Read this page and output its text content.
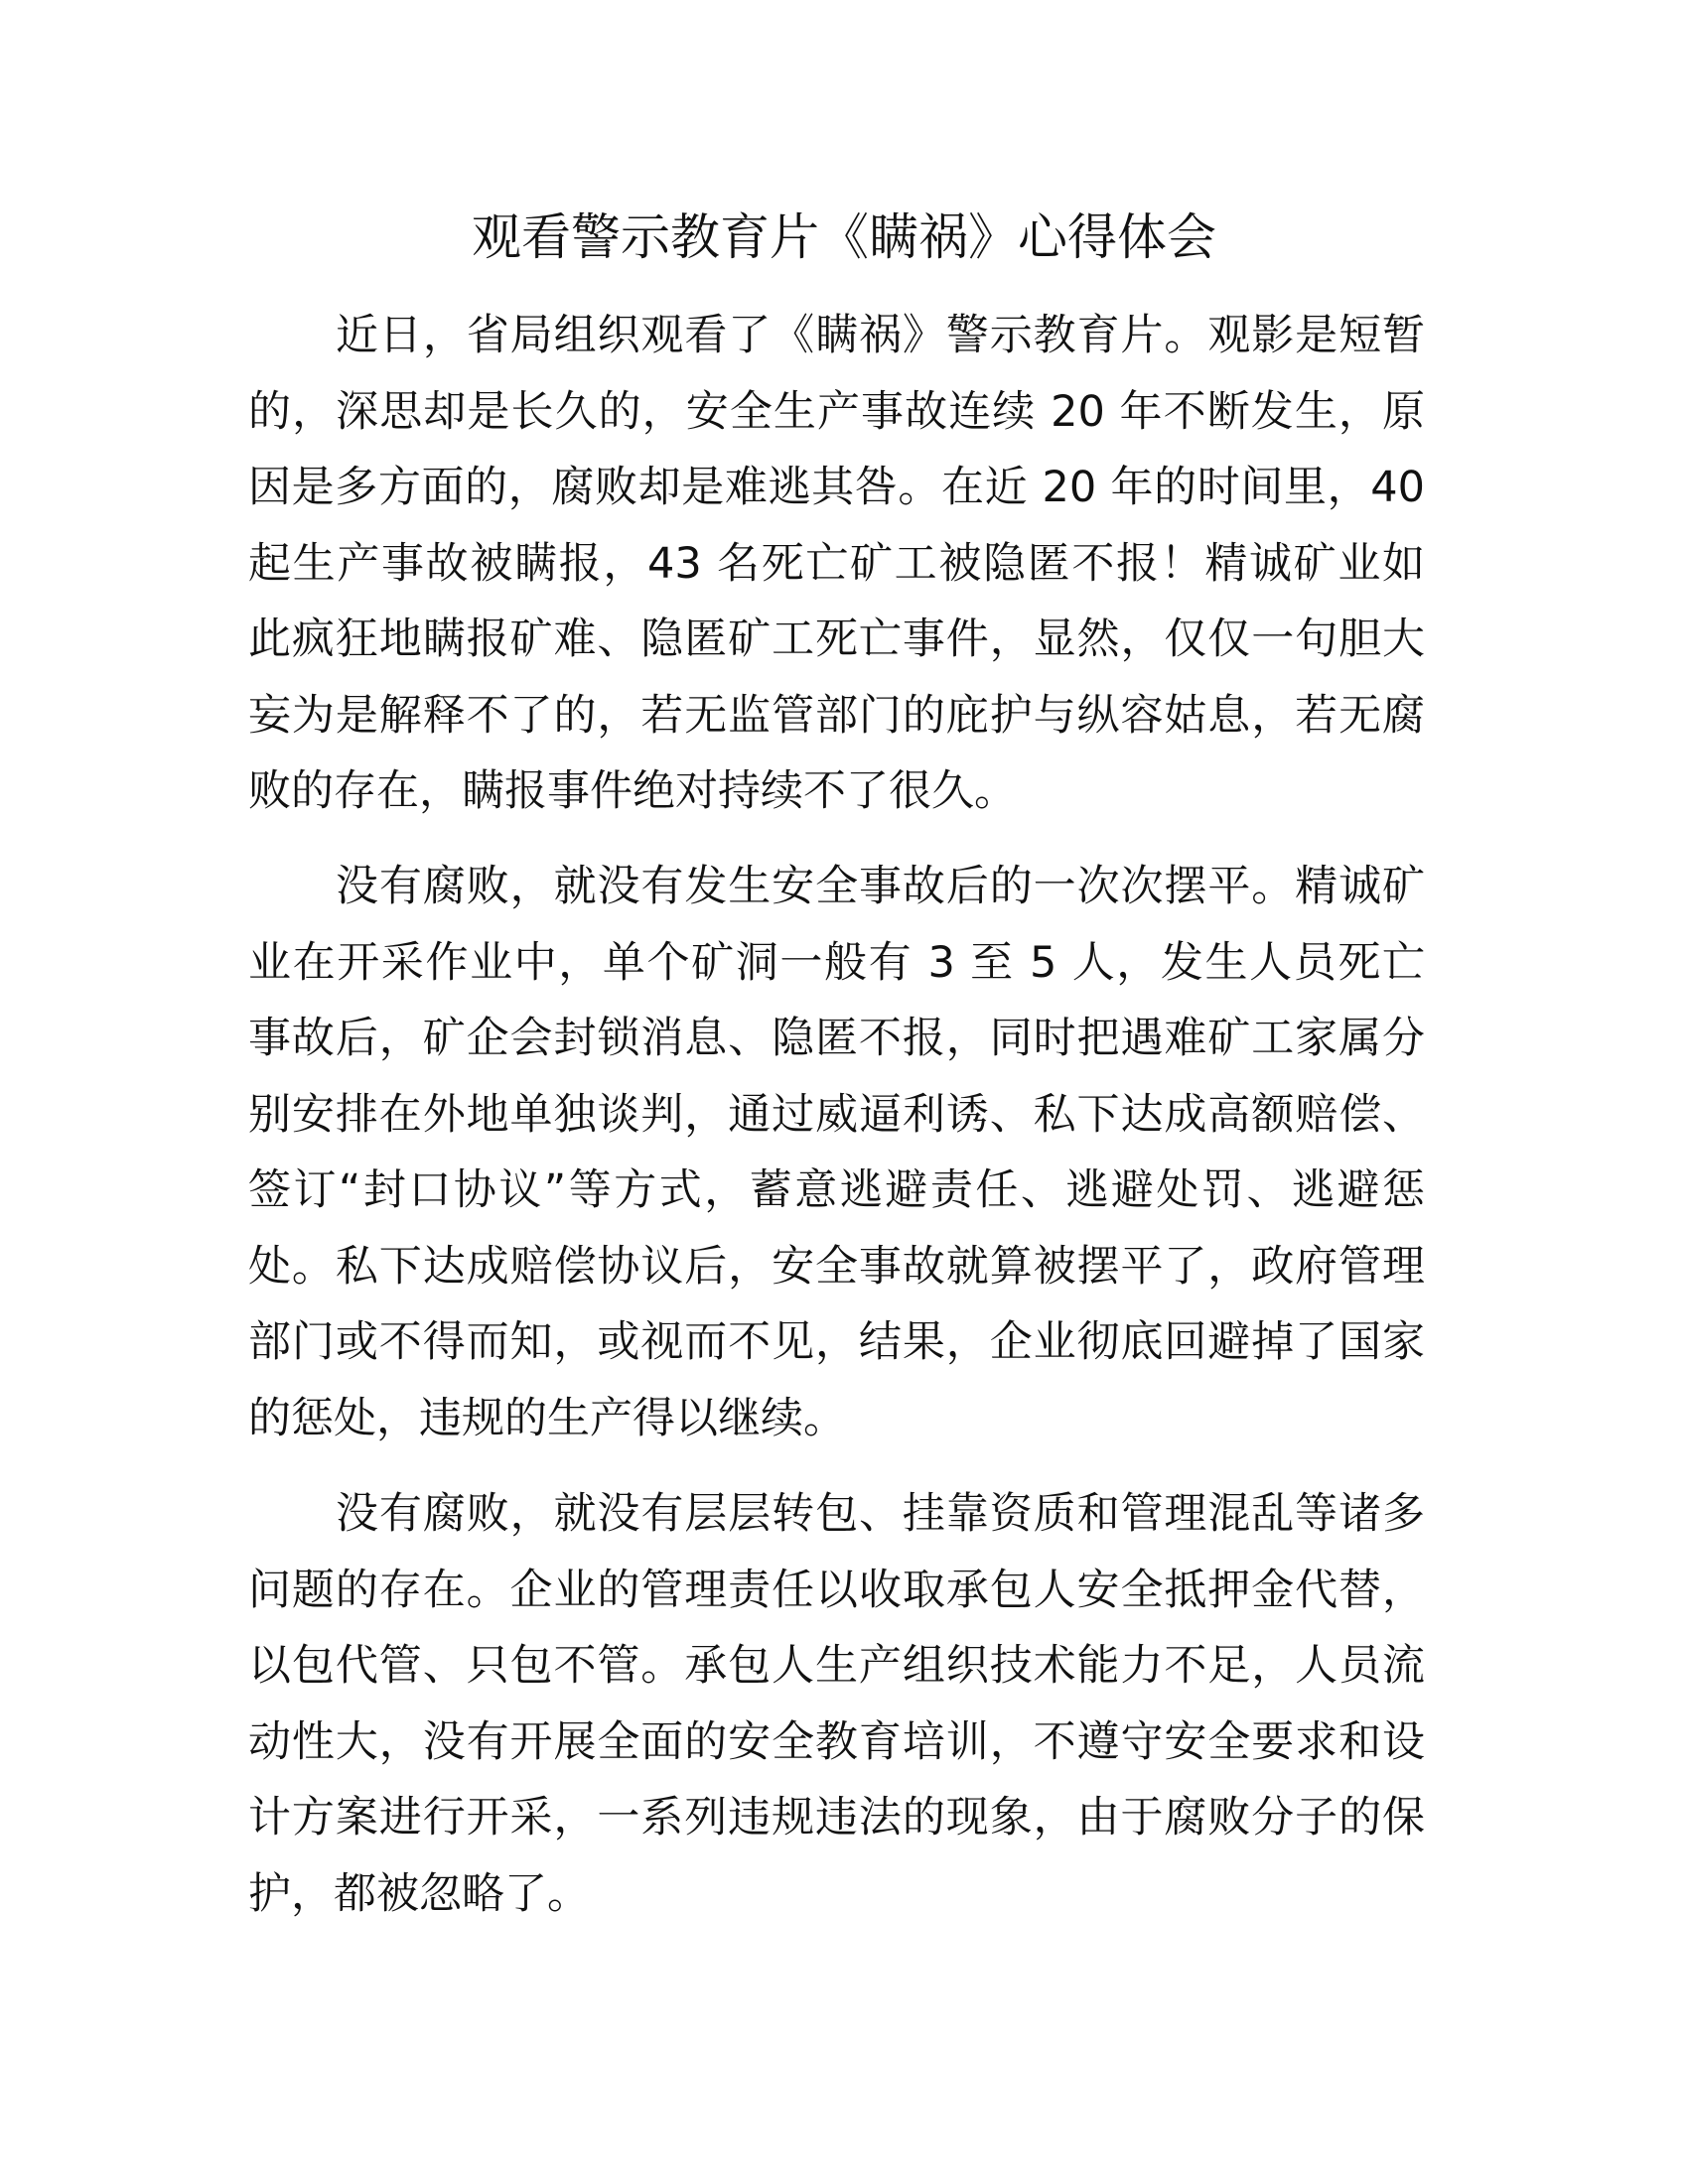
观看警示教育片《瞒祸》心得体会
近日，省局组织观看了《瞒祸》警示教育片。观影是短暂
的，深思却是长久的，安全生产事故连续 20 年不断发生，原
因是多方面的，腐败却是难逃其咎。在近 20 年的时间里，40
起生产事故被瞒报，43 名死亡矿工被隐匿不报！精诚矿业如
此疯狂地瞒报矿难、隐匿矿工死亡事件，显然，仅仅一句胆大
妄为是解释不了的，若无监管部门的庇护与纵容姑息，若无腐
败的存在，瞒报事件绝对持续不了很久。
没有腐败，就没有发生安全事故后的一次次摆平。精诚矿
业在开采作业中，单个矿洞一般有 3 至 5 人，发生人员死亡
事故后，矿企会封锁消息、隐匿不报，同时把遇难矿工家属分
别安排在外地单独谈判，通过威逼利诱、私下达成高额赔偿、
签订“封口协议”等方式，蓄意逃避责任、逃避处罚、逃避惩
处。私下达成赔偿协议后，安全事故就算被摆平了，政府管理
部门或不得而知，或视而不见，结果，企业彻底回避掉了国家
的惩处，违规的生产得以继续。
没有腐败，就没有层层转包、挂靠资质和管理混乱等诸多
问题的存在。企业的管理责任以收取承包人安全抵押金代替，
以包代管、只包不管。承包人生产组织技术能力不足，人员流
动性大，没有开展全面的安全教育培训，不遵守安全要求和设
计方案进行开采，一系列违规违法的现象，由于腐败分子的保
护，都被忽略了。
